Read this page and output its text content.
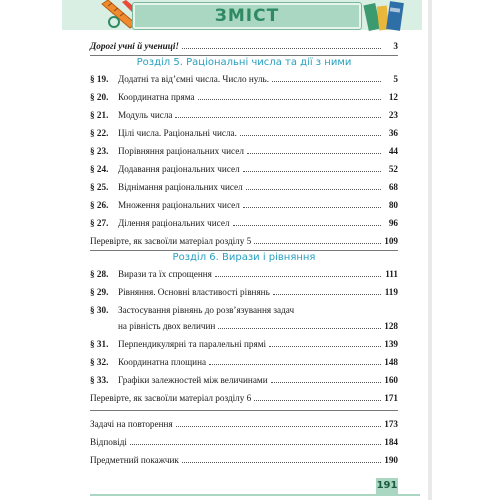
ЗМІСТ
Дорогі учні й учениці!	3
Розділ 5. Раціональні числа та дії з ними
§ 19.	Додатні та від’ємні числа. Число нуль.	5
§ 20.	Координатна пряма	12
§ 21.	Модуль числа	23
§ 22.	Цілі числа. Раціональні числа.	36
§ 23.	Порівняння раціональних чисел	44
§ 24.	Додавання раціональних чисел	52
§ 25.	Віднімання раціональних чисел	68
§ 26.	Множення раціональних чисел	80
§ 27.	Ділення раціональних чисел	96
Перевірте, як засвоїли матеріал розділу 5	109
Розділ 6. Вирази і рівняння
§ 28.	Вирази та їх спрощення	111
§ 29.	Рівняння. Основні властивості рівнянь	119
§ 30.	Застосування рівнянь до розв’язування задач
на рівність двох величин	128
§ 31.	Перпендикулярні та паралельні прямі	139
§ 32.	Координатна площина	148
§ 33.	Графіки залежностей між величинами	160
Перевірте, як засвоїли матеріал розділу 6	171
Задачі на повторення	173
Відповіді	184
Предметний покажчик	190
191
